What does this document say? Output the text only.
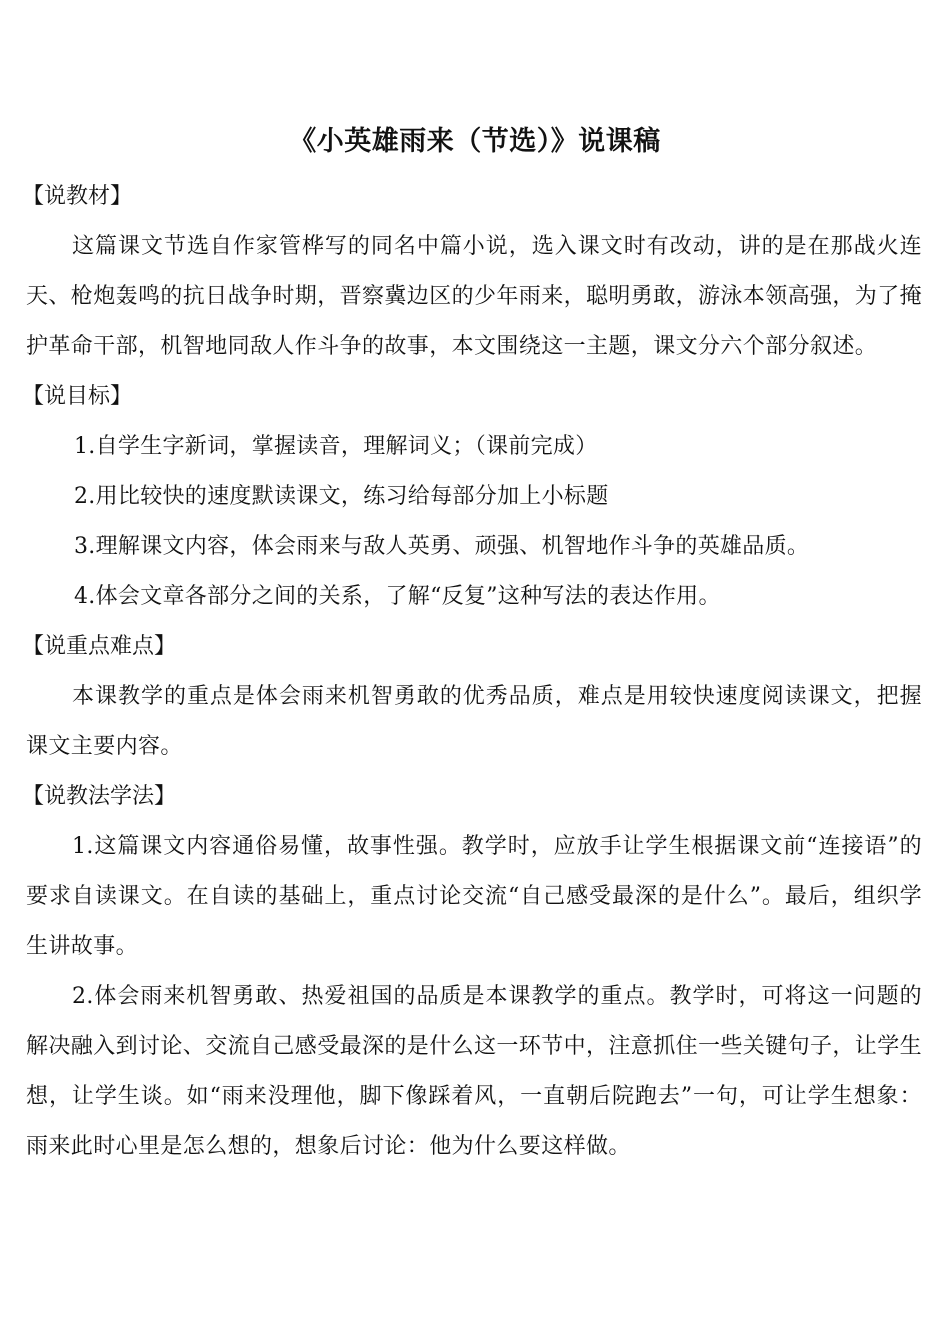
《小英雄雨来（节选）》说课稿

【说教材】

这篇课文节选自作家管桦写的同名中篇小说，选入课文时有改动，讲的是在那战火连天、枪炮轰鸣的抗日战争时期，晋察冀边区的少年雨来，聪明勇敢，游泳本领高强，为了掩护革命干部，机智地同敌人作斗争的故事，本文围绕这一主题，课文分六个部分叙述。

【说目标】

1.自学生字新词，掌握读音，理解词义；（课前完成）

2.用比较快的速度默读课文，练习给每部分加上小标题

3.理解课文内容，体会雨来与敌人英勇、顽强、机智地作斗争的英雄品质。

4.体会文章各部分之间的关系，了解“反复”这种写法的表达作用。

【说重点难点】

本课教学的重点是体会雨来机智勇敢的优秀品质，难点是用较快速度阅读课文，把握课文主要内容。

【说教法学法】

1.这篇课文内容通俗易懂，故事性强。教学时，应放手让学生根据课文前“连接语”的要求自读课文。在自读的基础上，重点讨论交流“自己感受最深的是什么”。最后，组织学生讲故事。

2.体会雨来机智勇敢、热爱祖国的品质是本课教学的重点。教学时，可将这一问题的解决融入到讨论、交流自己感受最深的是什么这一环节中，注意抓住一些关键句子，让学生想，让学生谈。如“雨来没理他，脚下像踩着风，一直朝后院跑去”一句，可让学生想象：雨来此时心里是怎么想的，想象后讨论：他为什么要这样做。
